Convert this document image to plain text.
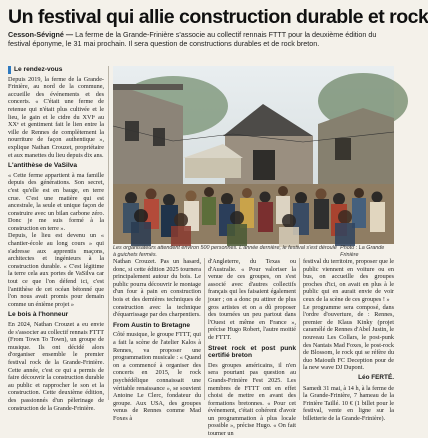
Un festival qui allie construction durable et rock
Cesson-Sévigné — La ferme de la Grande-Frinière s'associe au collectif rennais FTTT pour la deuxième édition du festival éponyme, le 31 mai prochain. Il sera question de constructions durables et de rock breton.
Le rendez-vous

Depuis 2019, la ferme de la Grande-Frinière, au nord de la commune, accueille des événements et des concerts. « C'était une ferme de retenue qui n'était plus cultivée et le lieu, le gain et le cidre du XVIᵉ au XXᵉ et gentiment fait le lien entre la ville de Rennes de complètement la nourriture de façon authentique », explique Nathan Crouzet, propriétaire et aux manettes du lieu depuis dix ans.

L'antithèse de VaSilva

« Cette ferme appartient à ma famille depuis des générations. Son secret, c'est qu'elle est en bauge, en terre crue. C'est une matière qui est ancestrale, la seule et unique façon de construire avec un bilan carbone zéro. Donc je me suis formé à la construction en terre ».

Depuis, le lieu est devenu un « chantier-école au long cours » qui s'adresse aux apprentis maçons, architectes et ingénieurs à la construction durable. « C'est légitime la terre cela aux portes de VaSilva car tout ce que l'on défend ici, c'est l'antithèse de cet océan bétonné que l'on nous avait promis pour demain comme un énième projet »

Le bois à l'honneur

En 2024, Nathan Crouzet a eu envie de s'associer au collectif rennais FTTT (From Town To Town), un groupe de musique. Ils ont décidé alors d'organiser ensemble le premier festival rock de la Grande-Frinière. Cette année, c'est ce qui a permis de faire découvrir la construction durable au public et rapprocher le son et la construction. Cette deuxième édition, des passionnés d'un pèlerinage de construction de la Grande-Frinière.

Les organisateurs attendent environ 500 personnes. L'année dernière, le festival s'est déroulé à guichets fermés.
Photo : La Grande Frinière

Nathan Crouzet. Pas un hasard, donc, si cette édition 2025 tournera principalement autour du bois. Le public pourra découvrir le montage d'un four à pain en construction bois et des dernières techniques de construction avec la technique d'équarrissage par des charpentiers.

From Austin to Bretagne

Côté musique, le groupe FTTT, qui a fait la scène de l'atelier Kalos à Rennes, va proposer une programmation musicale : « Quand on a commencé à organiser des concerts en 2015, le rock psychédélique connaissait une véritable renaissance », se souvient Antoine Le Clerc, fondateur du groupe. Aux USA, des groupes venus de Rennes comme Mad Foxes à

d'Angleterre, du Texas ou d'Australie. « Pour valoriser la venue de ces groupes, on s'est associé avec d'autres collectifs français qui les faisaient également jouer ; on a donc pu attirer de plus gros artistes et on a dû proposer des tournées un peu partout dans l'Ouest et même en France », précise Hugo Robert, l'autre moitié de FTTT.

Street rock et post punk certifié breton

Des groupes américains, il n'en sera pourtant pas question au Grands-Frinière Fest 2025. Les membres de FTTT ont en effet choisi de mettre en avant des formations bretonnes. « Pour cet événement, c'était cohérent d'avoir un programmation à plus locale possible », précise Hugo. « On fait tourner un

festival du territoire, proposer que le public viennent en voiture ou en bus, on accueille des groupes proches d'ici, on avait en plus à le public qui en aurait envie de voir ceux de la scène de ces groupes ! »

Le programme sera composé, dans l'ordre d'ouverture, de : Rennes, premier de Klaus Kinky (projet caramélé de Rennes d'Abel Justin, le nouveau Les Collars, le post-punk des Nantais Mad Foxes, le post-rock de Blossom, le rock qui se réfère du duo Maiouth FC Deception pour de la new wave DJ Dupont.

Léo FERTÉ.

Samedi 31 mai, à 14 h, à la ferme de la Grande-Frinière, 7 hameau de la Frinière Taillé. 10 € (1 billet pour le festival, vente en ligne sur la billetterie de la Grande-Frinière).
